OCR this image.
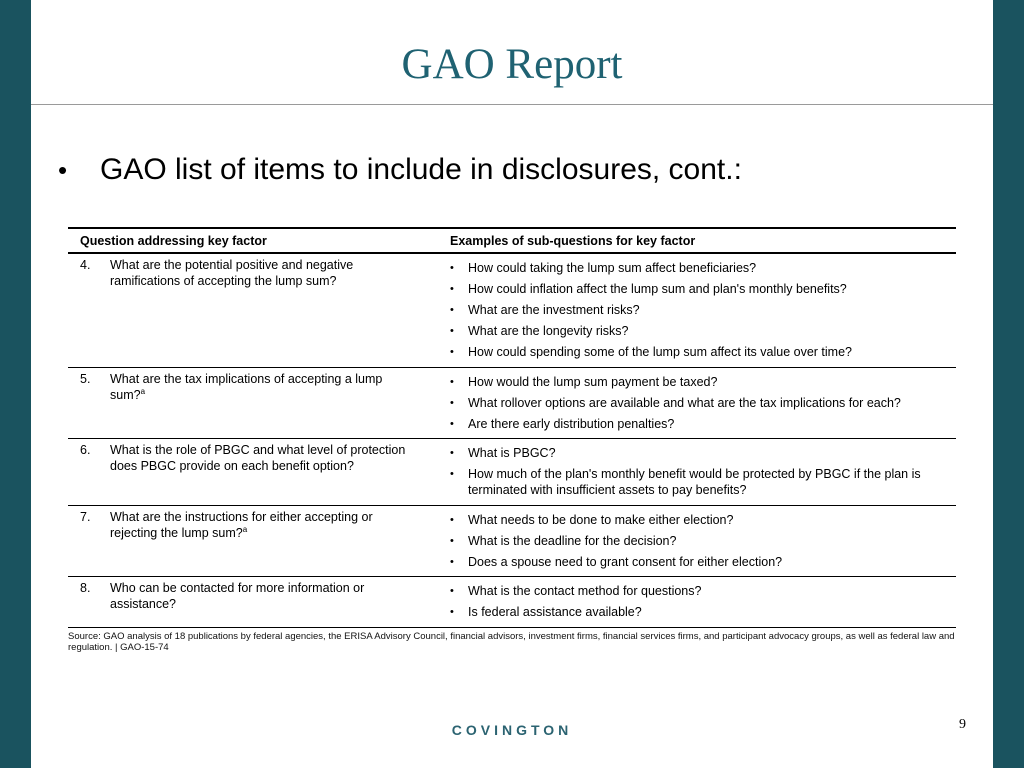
GAO Report
•	GAO list of items to include in disclosures, cont.:
Question addressing key factor	Examples of sub-questions for key factor
4.	What are the potential positive and negative ramifications of accepting the lump sum?
•	How could taking the lump sum affect beneficiaries?
•	How could inflation affect the lump sum and plan's monthly benefits?
•	What are the investment risks?
•	What are the longevity risks?
•	How could spending some of the lump sum affect its value over time?
5.	What are the tax implications of accepting a lump sum?$^a$
•	How would the lump sum payment be taxed?
•	What rollover options are available and what are the tax implications for each?
•	Are there early distribution penalties?
6.	What is the role of PBGC and what level of protection does PBGC provide on each benefit option?
•	What is PBGC?
•	How much of the plan's monthly benefit would be protected by PBGC if the plan is terminated with insufficient assets to pay benefits?
7.	What are the instructions for either accepting or rejecting the lump sum?$^a$
•	What needs to be done to make either election?
•	What is the deadline for the decision?
•	Does a spouse need to grant consent for either election?
8.	Who can be contacted for more information or assistance?
•	What is the contact method for questions?
•	Is federal assistance available?
Source: GAO analysis of 18 publications by federal agencies, the ERISA Advisory Council, financial advisors, investment firms, financial services firms, and participant advocacy groups, as well as federal law and regulation. | GAO-15-74
COVINGTON	9
